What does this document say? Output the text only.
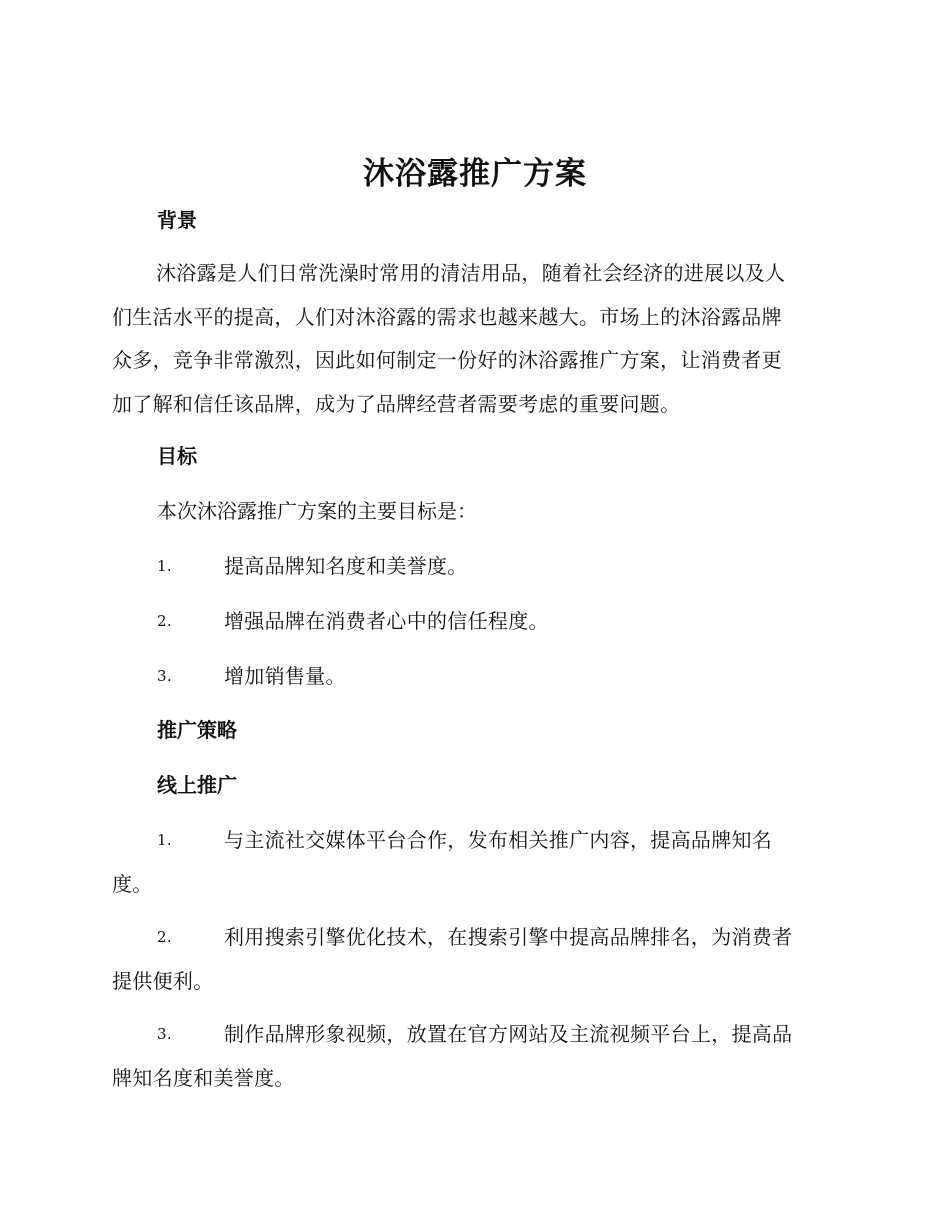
沐浴露推广方案
背景
沐浴露是人们日常洗澡时常用的清洁用品，随着社会经济的进展以及人
们生活水平的提高，人们对沐浴露的需求也越来越大。市场上的沐浴露品牌
众多，竞争非常激烈，因此如何制定一份好的沐浴露推广方案，让消费者更
加了解和信任该品牌，成为了品牌经营者需要考虑的重要问题。
目标

本次沐浴露推广方案的主要目标是：

1.	提高品牌知名度和美誉度。
2.	增强品牌在消费者心中的信任程度。
3.	增加销售量。
推广策略
线上推广
1.	与主流社交媒体平台合作，发布相关推广内容，提高品牌知名
度。
2.	利用搜索引擎优化技术，在搜索引擎中提高品牌排名，为消费者
提供便利。
3.	制作品牌形象视频，放置在官方网站及主流视频平台上，提高品
牌知名度和美誉度。
